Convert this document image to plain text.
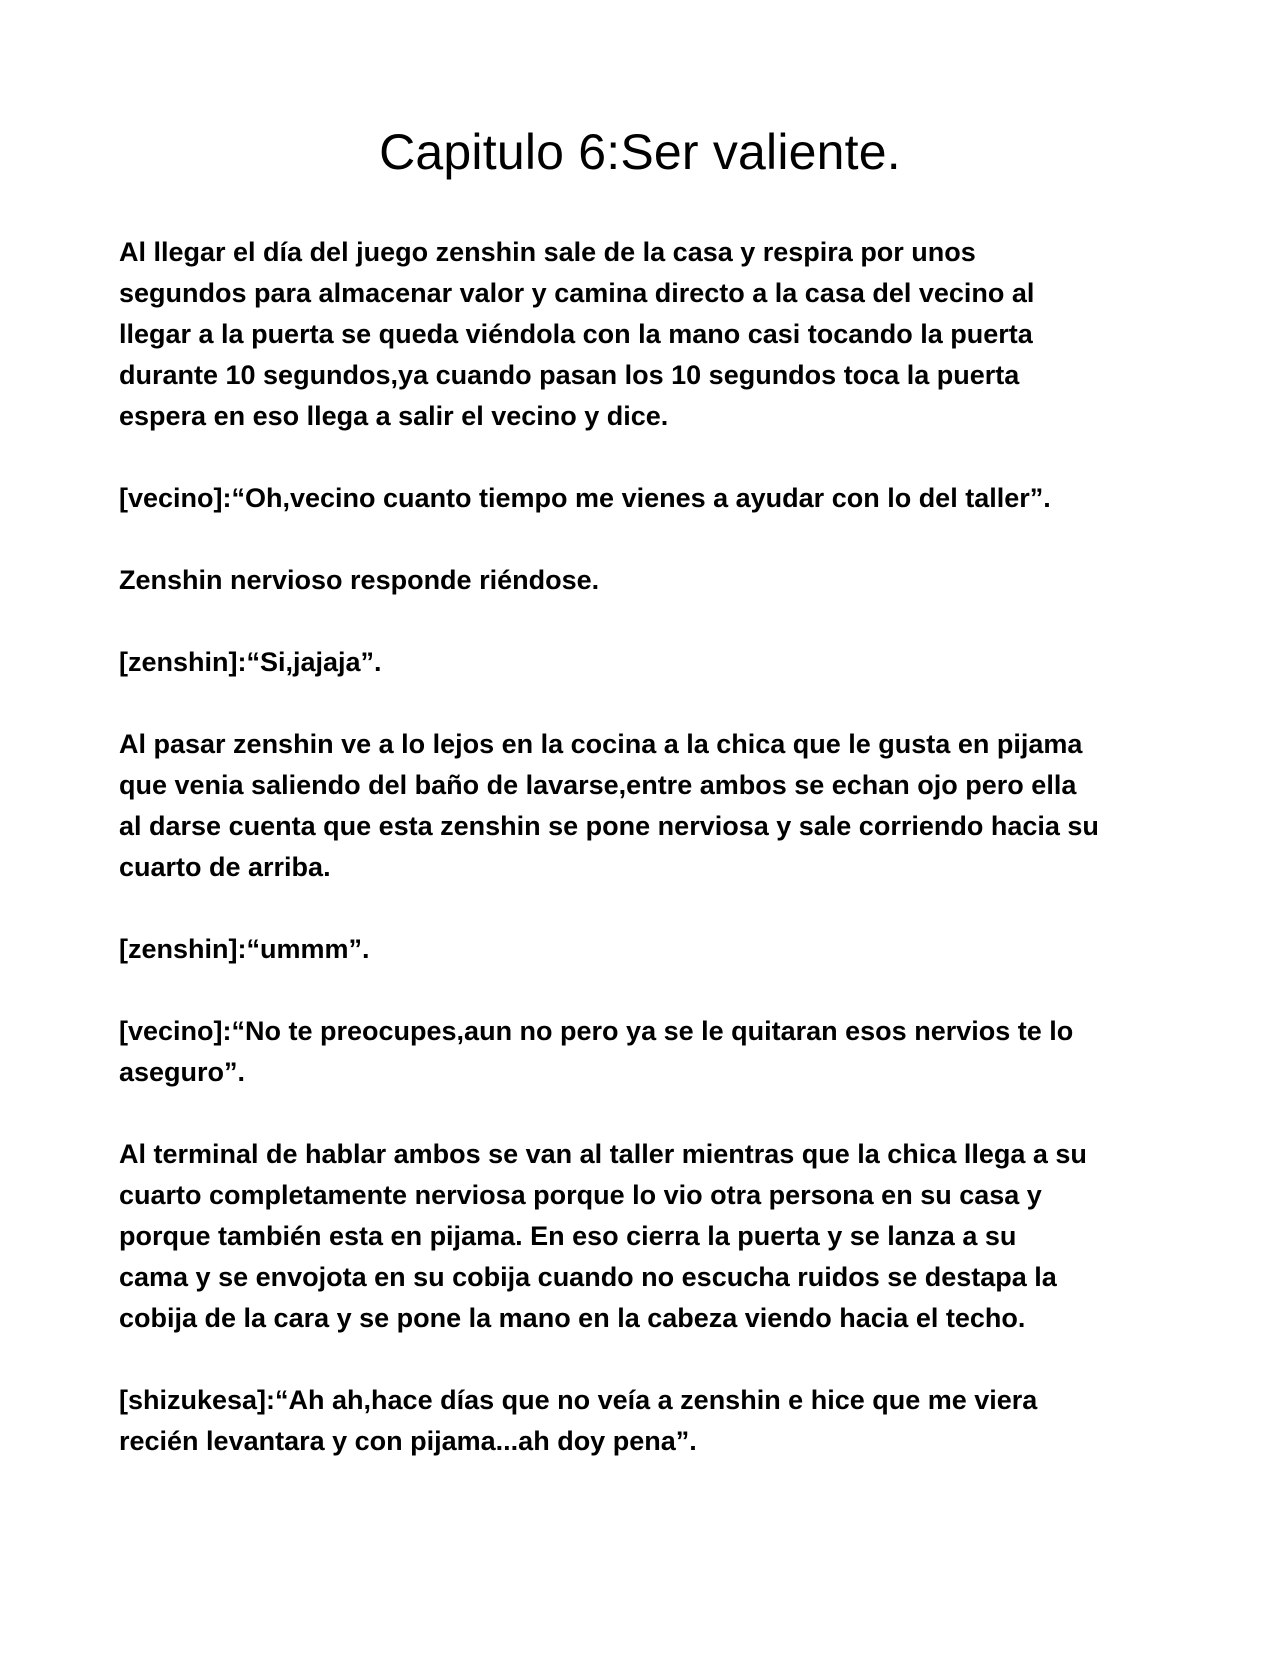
Capitulo 6:Ser valiente.

Al llegar el día del juego zenshin sale de la casa y respira por unos
segundos para almacenar valor y camina directo a la casa del vecino al
llegar a la puerta se queda viéndola con la mano casi tocando la puerta
durante 10 segundos,ya cuando pasan los 10 segundos toca la puerta
espera en eso llega a salir el vecino y dice.

[vecino]:“Oh,vecino cuanto tiempo me vienes a ayudar con lo del taller”.

Zenshin nervioso responde riéndose.

[zenshin]:“Si,jajaja”.

Al pasar zenshin ve a lo lejos en la cocina a la chica que le gusta en pijama
que venia saliendo del baño de lavarse,entre ambos se echan ojo pero ella
al darse cuenta que esta zenshin se pone nerviosa y sale corriendo hacia su
cuarto de arriba.

[zenshin]:“ummm”.

[vecino]:“No te preocupes,aun no pero ya se le quitaran esos nervios te lo
aseguro”.

Al terminal de hablar ambos se van al taller mientras que la chica llega a su
cuarto completamente nerviosa porque lo vio otra persona en su casa y
porque también esta en pijama. En eso cierra la puerta y se lanza a su
cama y se envojota en su cobija cuando no escucha ruidos se destapa la
cobija de la cara y se pone la mano en la cabeza viendo hacia el techo.

[shizukesa]:“Ah ah,hace días que no veía a zenshin e hice que me viera
recién levantara y con pijama...ah doy pena”.
